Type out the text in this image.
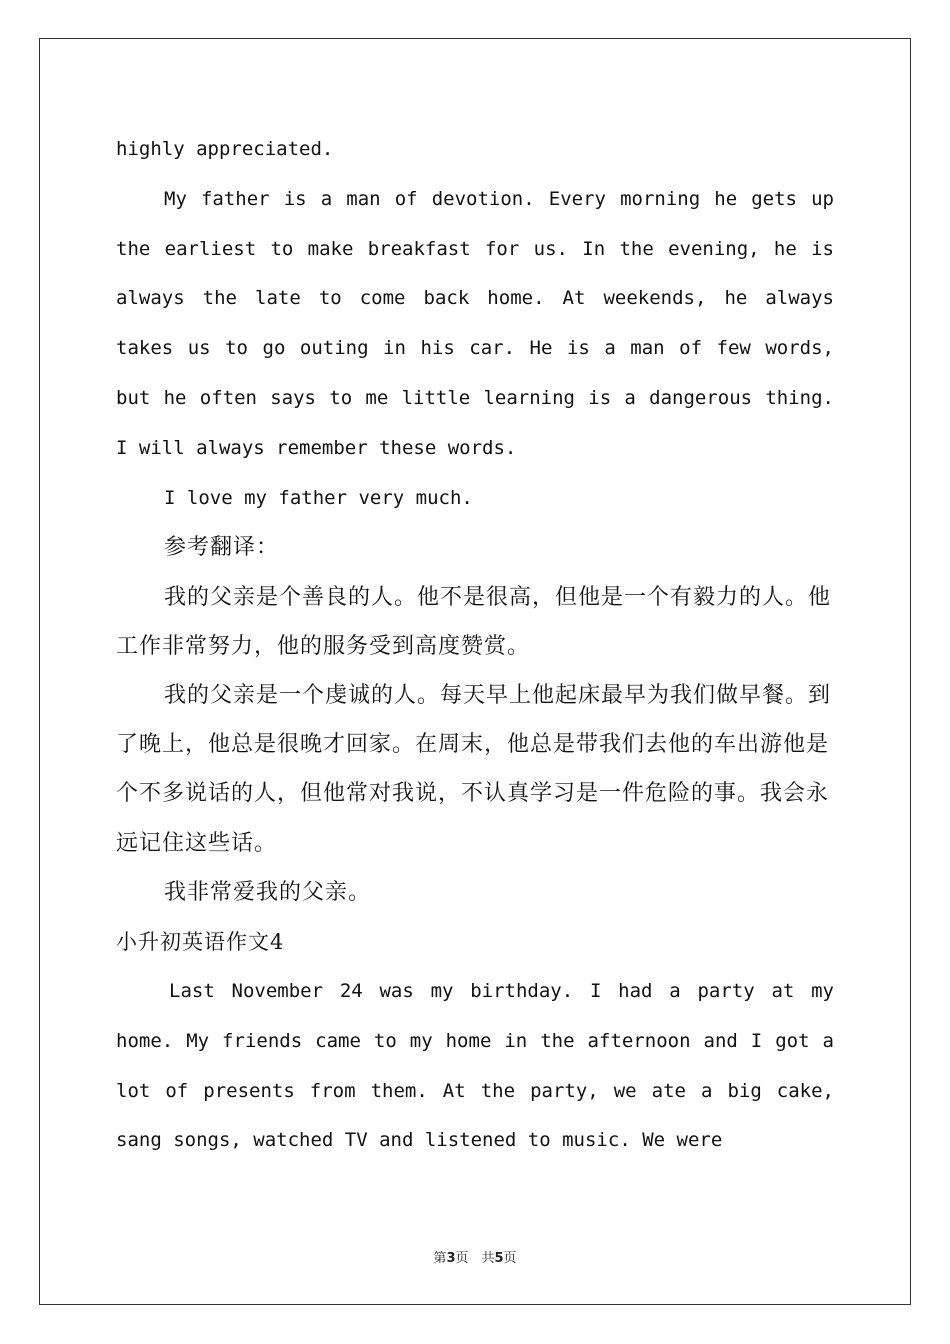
highly appreciated.

My father is a man of devotion. Every morning he gets up the earliest to make breakfast for us. In the evening, he is always the late to come back home. At weekends, he always takes us to go outing in his car. He is a man of few words, but he often says to me little learning is a dangerous thing. I will always remember these words.

I love my father very much.

参考翻译：

我的父亲是个善良的人。他不是很高，但他是一个有毅力的人。他工作非常努力，他的服务受到高度赞赏。

我的父亲是一个虔诚的人。每天早上他起床最早为我们做早餐。到了晚上，他总是很晚才回家。在周末，他总是带我们去他的车出游他是个不多说话的人，但他常对我说，不认真学习是一件危险的事。我会永远记住这些话。

我非常爱我的父亲。

小升初英语作文4

Last November 24 was my birthday. I had a party at my home. My friends came to my home in the afternoon and I got a lot of presents from them. At the party, we ate a big cake, sang songs, watched TV and listened to music. We were

第3页　共5页
